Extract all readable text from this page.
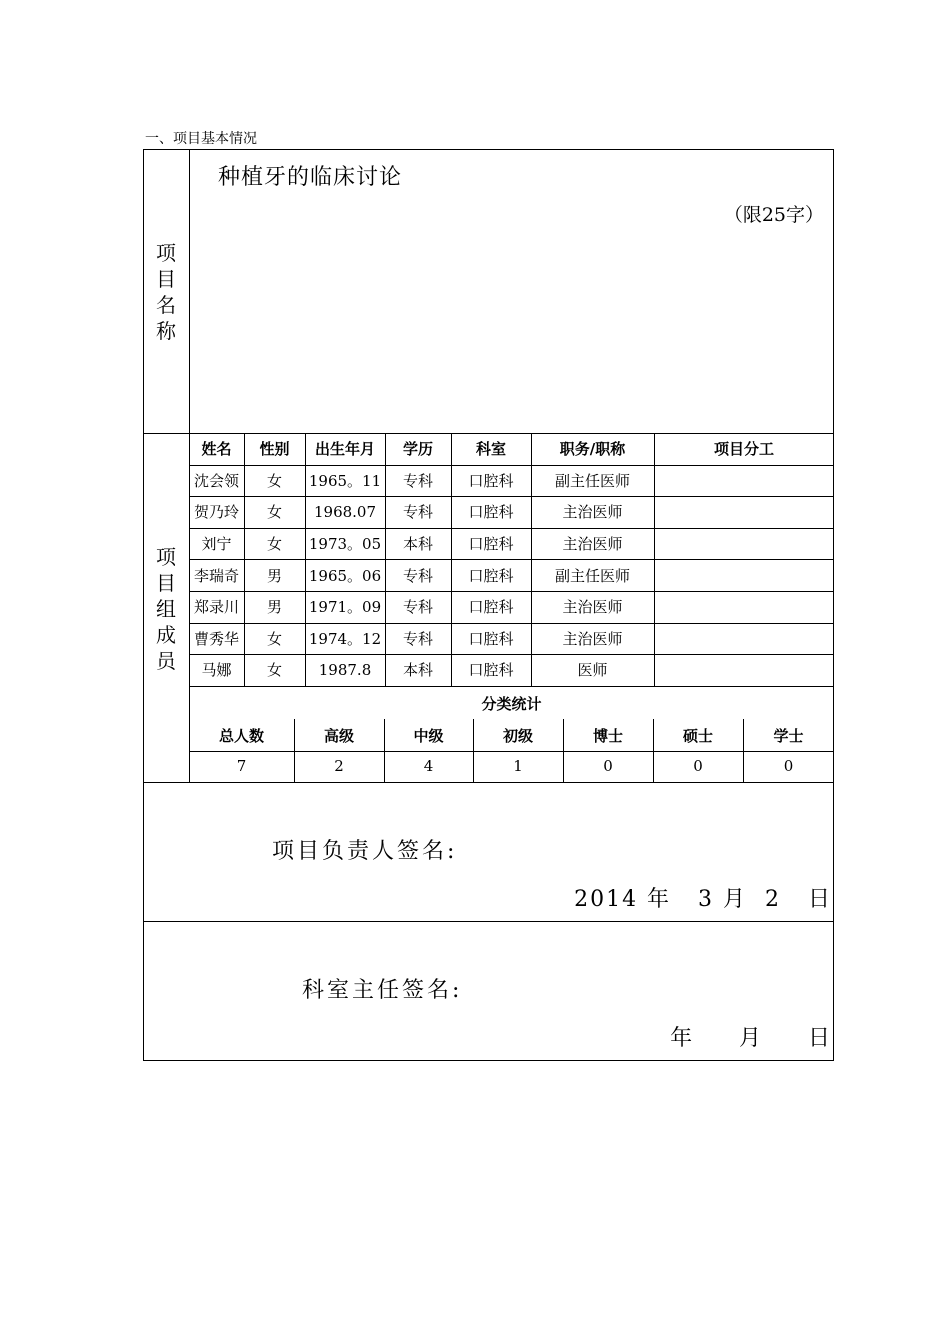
一、项目基本情况
项
目
名
称
种植牙的临床讨论
（限25字）
项
目
组
成
员
姓名	性别	出生年月	学历	科室	职务/职称	项目分工
沈会领	女	1965。11	专科	口腔科	副主任医师
贺乃玲	女	1968.07	专科	口腔科	主治医师
刘宁	女	1973。05	本科	口腔科	主治医师
李瑞奇	男	1965。06	专科	口腔科	副主任医师
郑录川	男	1971。09	专科	口腔科	主治医师
曹秀华	女	1974。12	专科	口腔科	主治医师
马娜	女	1987.8	本科	口腔科	医师
分类统计
总人数	高级	中级	初级	博士	硕士	学士
7	2	4	1	0	0	0
项目负责人签名:
2014 年   3 月  2   日
科室主任签名:
年     月     日
